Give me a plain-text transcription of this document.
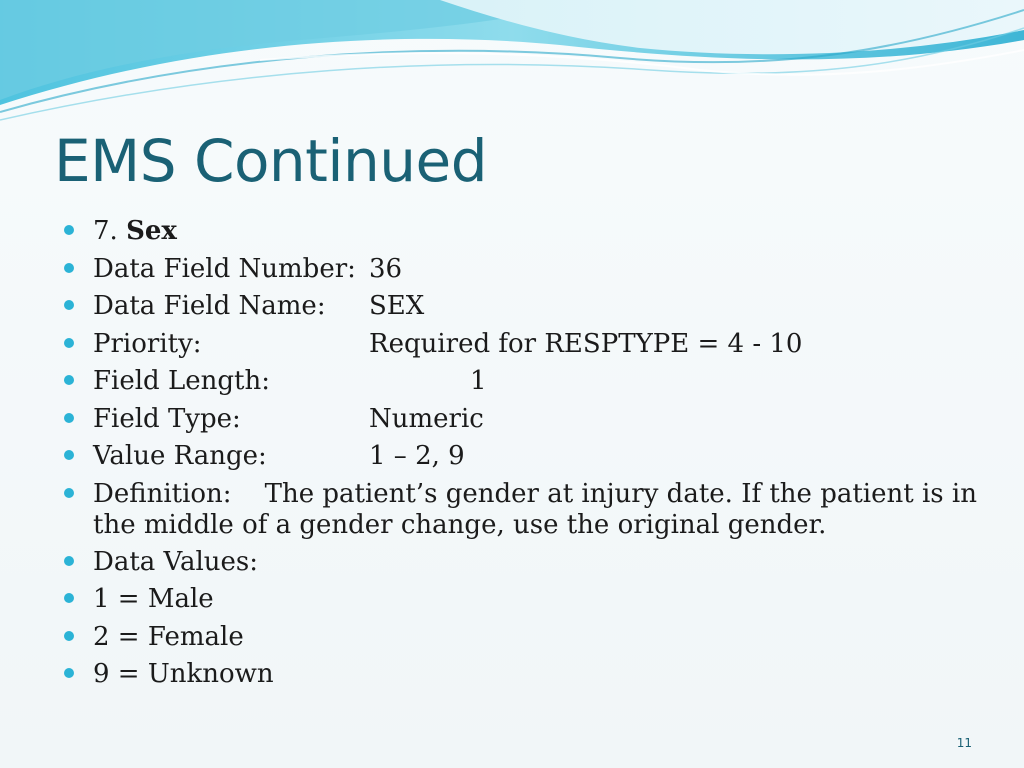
EMS Continued
7. Sex
Data Field Number: 36
Data Field Name: SEX
Priority:	Required for RESPTYPE = 4 - 10
Field Length:	1
Field Type:	Numeric
Value Range:	1 – 2, 9
Definition: The patient’s gender at injury date. If the patient is in the middle of a gender change, use the original gender.
Data Values:
1 = Male
2 = Female
9 = Unknown
11
